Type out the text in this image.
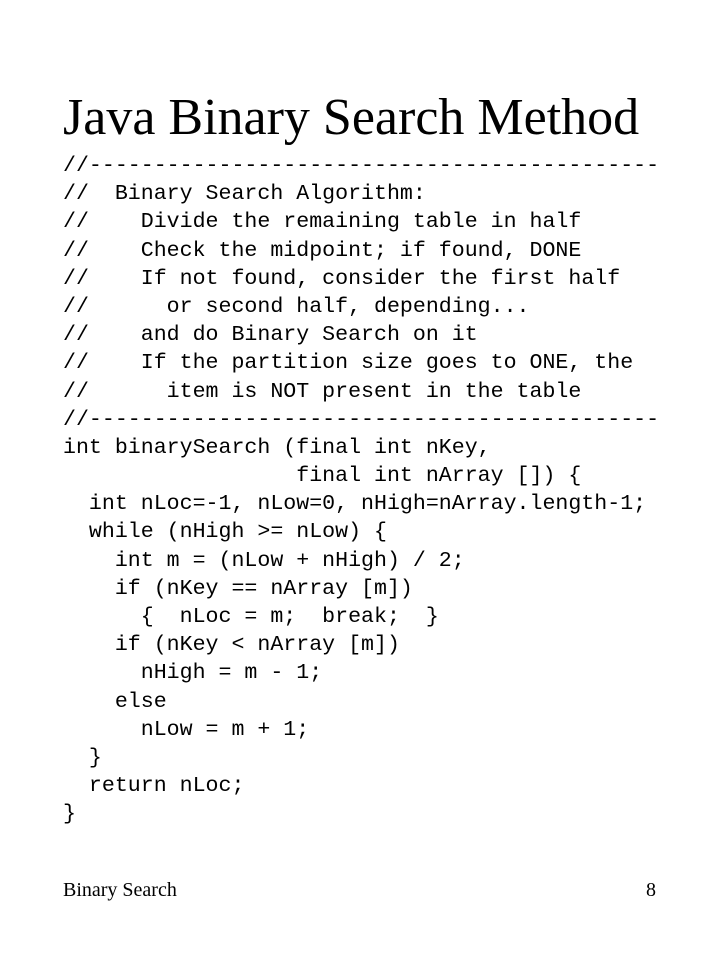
Java Binary Search Method
//--------------------------------------------
//  Binary Search Algorithm:
//    Divide the remaining table in half
//    Check the midpoint; if found, DONE
//    If not found, consider the first half
//      or second half, depending...
//    and do Binary Search on it
//    If the partition size goes to ONE, the
//      item is NOT present in the table
//--------------------------------------------
int binarySearch (final int nKey,
final int nArray []) {
int nLoc=-1, nLow=0, nHigh=nArray.length-1;
while (nHigh >= nLow) {
int m = (nLow + nHigh) / 2;
if (nKey == nArray [m])
{  nLoc = m;  break;  }
if (nKey < nArray [m])
nHigh = m - 1;
else
nLow = m + 1;
}
return nLoc;
}
Binary Search	8
